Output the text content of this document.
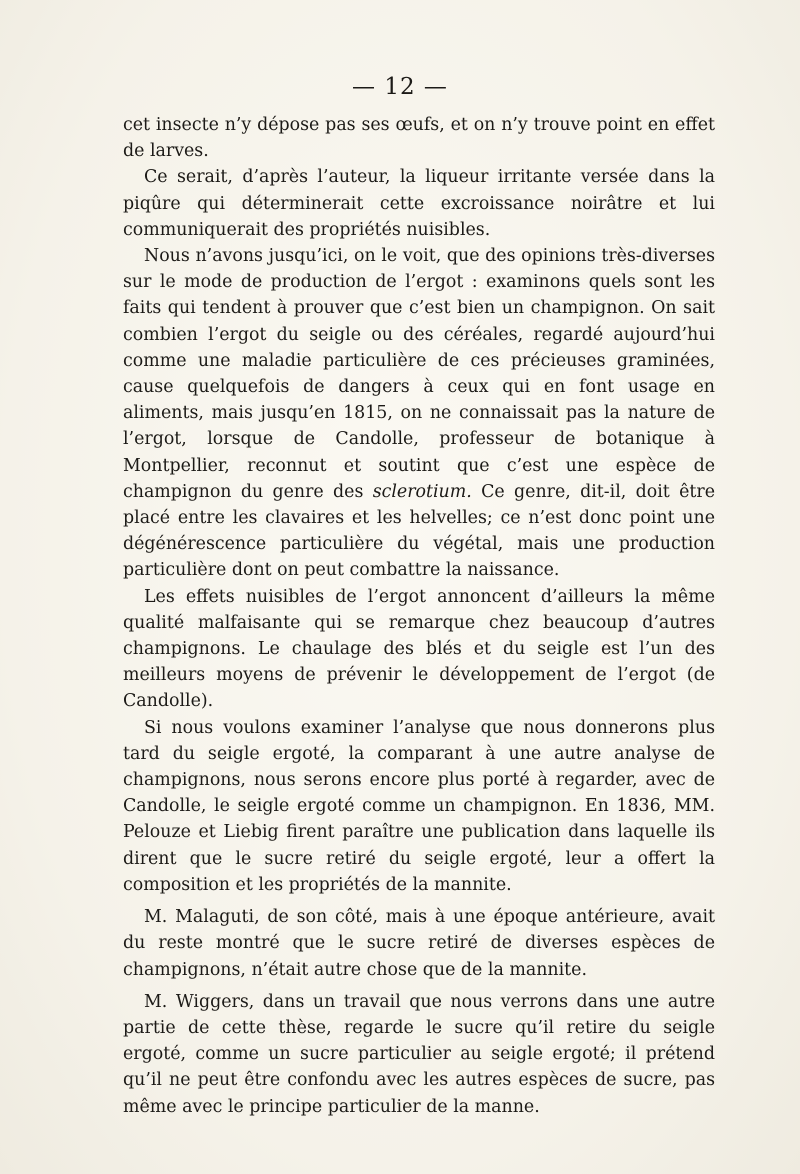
— 12 —

cet insecte n’y dépose pas ses œufs, et on n’y trouve point en effet de larves.

Ce serait, d’après l’auteur, la liqueur irritante versée dans la piqûre qui déterminerait cette excroissance noirâtre et lui communiquerait des propriétés nuisibles.

Nous n’avons jusqu’ici, on le voit, que des opinions très-diverses sur le mode de production de l’ergot : examinons quels sont les faits qui tendent à prouver que c’est bien un champignon. On sait combien l’ergot du seigle ou des céréales, regardé aujourd’hui comme une maladie particulière de ces précieuses graminées, cause quelquefois de dangers à ceux qui en font usage en aliments, mais jusqu’en 1815, on ne connaissait pas la nature de l’ergot, lorsque de Candolle, professeur de botanique à Montpellier, reconnut et soutint que c’est une espèce de champignon du genre des sclerotium. Ce genre, dit-il, doit être placé entre les clavaires et les helvelles; ce n’est donc point une dégénérescence particulière du végétal, mais une production particulière dont on peut combattre la naissance.

Les effets nuisibles de l’ergot annoncent d’ailleurs la même qualité malfaisante qui se remarque chez beaucoup d’autres champignons. Le chaulage des blés et du seigle est l’un des meilleurs moyens de prévenir le développement de l’ergot (de Candolle).

Si nous voulons examiner l’analyse que nous donnerons plus tard du seigle ergoté, la comparant à une autre analyse de champignons, nous serons encore plus porté à regarder, avec de Candolle, le seigle ergoté comme un champignon. En 1836, MM. Pelouze et Liebig firent paraître une publication dans laquelle ils dirent que le sucre retiré du seigle ergoté, leur a offert la composition et les propriétés de la mannite.

M. Malaguti, de son côté, mais à une époque antérieure, avait du reste montré que le sucre retiré de diverses espèces de champignons, n’était autre chose que de la mannite.

M. Wiggers, dans un travail que nous verrons dans une autre partie de cette thèse, regarde le sucre qu’il retire du seigle ergoté, comme un sucre particulier au seigle ergoté; il prétend qu’il ne peut être confondu avec les autres espèces de sucre, pas même avec le principe particulier de la manne.
